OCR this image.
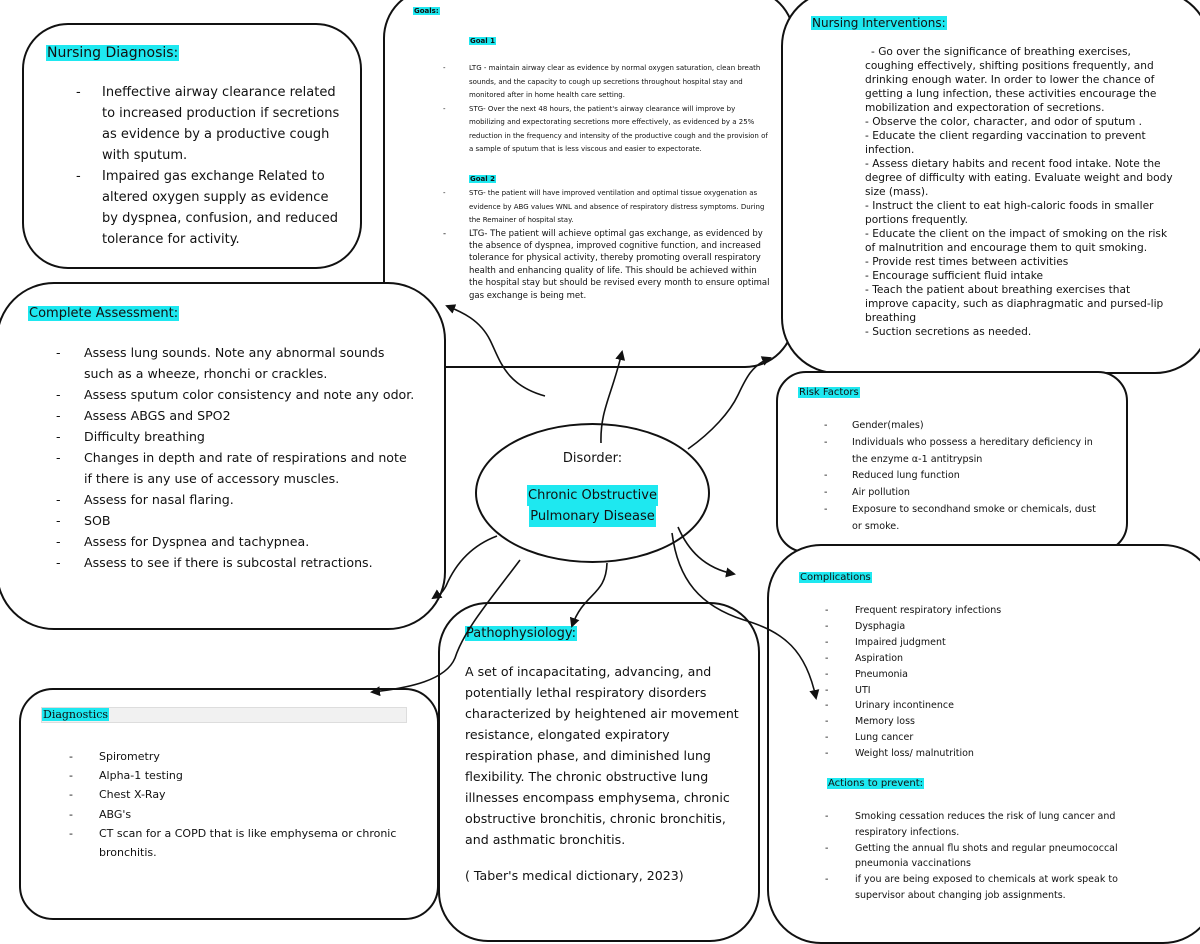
Nursing Diagnosis:
- Ineffective airway clearance related to increased production if secretions as evidence by a productive cough with sputum.
- Impaired gas exchange Related to altered oxygen supply as evidence by dyspnea, confusion, and reduced tolerance for activity.
Goals:
Goal 1
- LTG - maintain airway clear as evidence by normal oxygen saturation, clean breath sounds, and the capacity to cough up secretions throughout hospital stay and monitored after in home health care setting.
- STG- Over the next 48 hours, the patient's airway clearance will improve by mobilizing and expectorating secretions more effectively, as evidenced by a 25% reduction in the frequency and intensity of the productive cough and the provision of a sample of sputum that is less viscous and easier to expectorate.
Goal 2
- STG- the patient will have improved ventilation and optimal tissue oxygenation as evidence by ABG values WNL and absence of respiratory distress symptoms. During the Remainer of hospital stay.
- LTG- The patient will achieve optimal gas exchange, as evidenced by the absence of dyspnea, improved cognitive function, and increased tolerance for physical activity, thereby promoting overall respiratory health and enhancing quality of life. This should be achieved within the hospital stay but should be revised every month to ensure optimal gas exchange is being met.
Nursing Interventions:
- Go over the significance of breathing exercises, coughing effectively, shifting positions frequently, and drinking enough water. In order to lower the chance of getting a lung infection, these activities encourage the mobilization and expectoration of secretions.
- Observe the color, character, and odor of sputum .
- Educate the client regarding vaccination to prevent infection.
- Assess dietary habits and recent food intake. Note the degree of difficulty with eating. Evaluate weight and body size (mass).
- Instruct the client to eat high-caloric foods in smaller portions frequently.
- Educate the client on the impact of smoking on the risk of malnutrition and encourage them to quit smoking.
- Provide rest times between activities
- Encourage sufficient fluid intake
- Teach the patient about breathing exercises that improve capacity, such as diaphragmatic and pursed-lip breathing
- Suction secretions as needed.
Complete Assessment:
- Assess lung sounds. Note any abnormal sounds such as a wheeze, rhonchi or crackles.
- Assess sputum color consistency and note any odor.
- Assess ABGS and SPO2
- Difficulty breathing
- Changes in depth and rate of respirations and note if there is any use of accessory muscles.
- Assess for nasal flaring.
- SOB
- Assess for Dyspnea and tachypnea.
- Assess to see if there is subcostal retractions.
Disorder:
Chronic Obstructive
Pulmonary Disease
Risk Factors
- Gender(males)
- Individuals who possess a hereditary deficiency in the enzyme α-1 antitrypsin
- Reduced lung function
- Air pollution
- Exposure to secondhand smoke or chemicals, dust or smoke.
Complications
- Frequent respiratory infections
- Dysphagia
- Impaired judgment
- Aspiration
- Pneumonia
- UTI
- Urinary incontinence
- Memory loss
- Lung cancer
- Weight loss/ malnutrition
Actions to prevent:
- Smoking cessation reduces the risk of lung cancer and respiratory infections.
- Getting the annual flu shots and regular pneumococcal pneumonia vaccinations
- if you are being exposed to chemicals at work speak to supervisor about changing job assignments.
Pathophysiology:
A set of incapacitating, advancing, and potentially lethal respiratory disorders characterized by heightened air movement resistance, elongated expiratory respiration phase, and diminished lung flexibility. The chronic obstructive lung illnesses encompass emphysema, chronic obstructive bronchitis, chronic bronchitis, and asthmatic bronchitis.
( Taber's medical dictionary, 2023)
Diagnostics
- Spirometry
- Alpha-1 testing
- Chest X-Ray
- ABG's
- CT scan for a COPD that is like emphysema or chronic bronchitis.
